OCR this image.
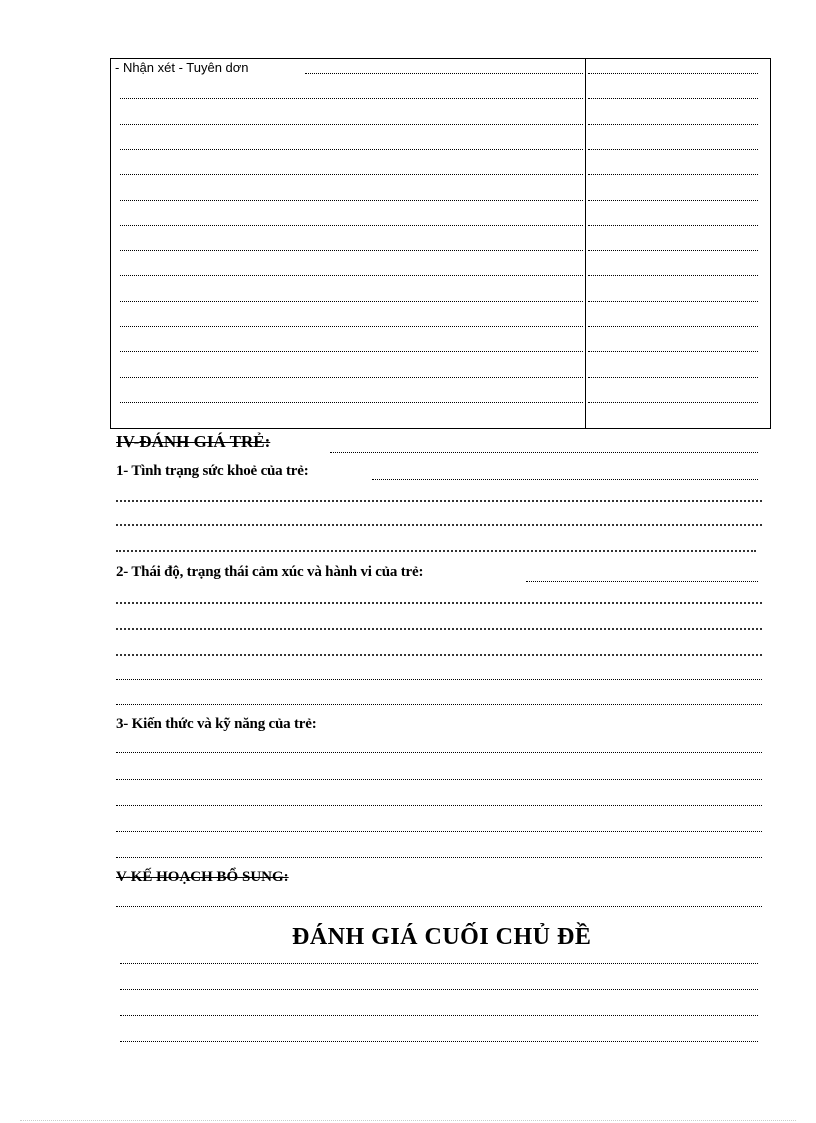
- Nhận xét - Tuyên dơn
IV-ĐÁNH GIÁ TRẺ:
1- Tình trạng sức khoẻ của trẻ:
2- Thái độ, trạng thái cảm xúc và hành vi của trẻ:
3- Kiến thức và kỹ năng của trẻ:
V-KẾ HOẠCH BỔ SUNG:
ĐÁNH GIÁ CUỐI CHỦ ĐỀ
